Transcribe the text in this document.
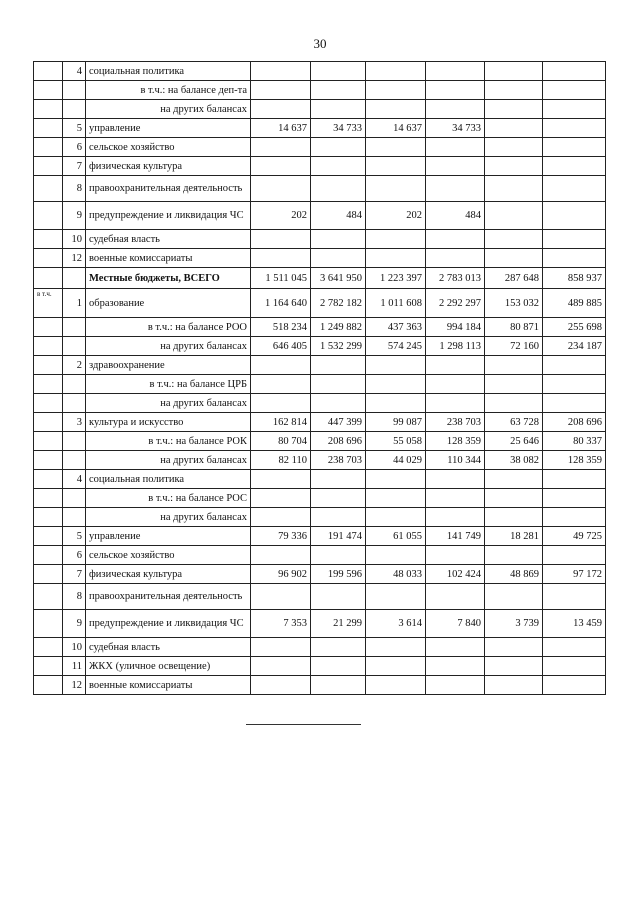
30
	4	социальная политика						
		в т.ч.: на балансе деп-та						
		на других балансах						
	5	управление	14 637	34 733	14 637	34 733		
	6	сельское хозяйство						
	7	физическая культура						
	8	правоохранительная деятельность						
	9	предупреждение и ликвидация ЧС	202	484	202	484		
	10	судебная власть						
	12	военные комиссариаты						
		Местные бюджеты, ВСЕГО	1 511 045	3 641 950	1 223 397	2 783 013	287 648	858 937
в т.ч.	1	образование	1 164 640	2 782 182	1 011 608	2 292 297	153 032	489 885
		в т.ч.: на балансе РОО	518 234	1 249 882	437 363	994 184	80 871	255 698
		на других балансах	646 405	1 532 299	574 245	1 298 113	72 160	234 187
	2	здравоохранение						
		в т.ч.: на балансе ЦРБ						
		на других балансах						
	3	культура и искусство	162 814	447 399	99 087	238 703	63 728	208 696
		в т.ч.: на балансе РОК	80 704	208 696	55 058	128 359	25 646	80 337
		на других балансах	82 110	238 703	44 029	110 344	38 082	128 359
	4	социальная политика						
		в т.ч.: на балансе РОС						
		на других балансах						
	5	управление	79 336	191 474	61 055	141 749	18 281	49 725
	6	сельское хозяйство						
	7	физическая культура	96 902	199 596	48 033	102 424	48 869	97 172
	8	правоохранительная деятельность						
	9	предупреждение и ликвидация ЧС	7 353	21 299	3 614	7 840	3 739	13 459
	10	судебная власть						
	11	ЖКХ (уличное освещение)						
	12	военные комиссариаты						
